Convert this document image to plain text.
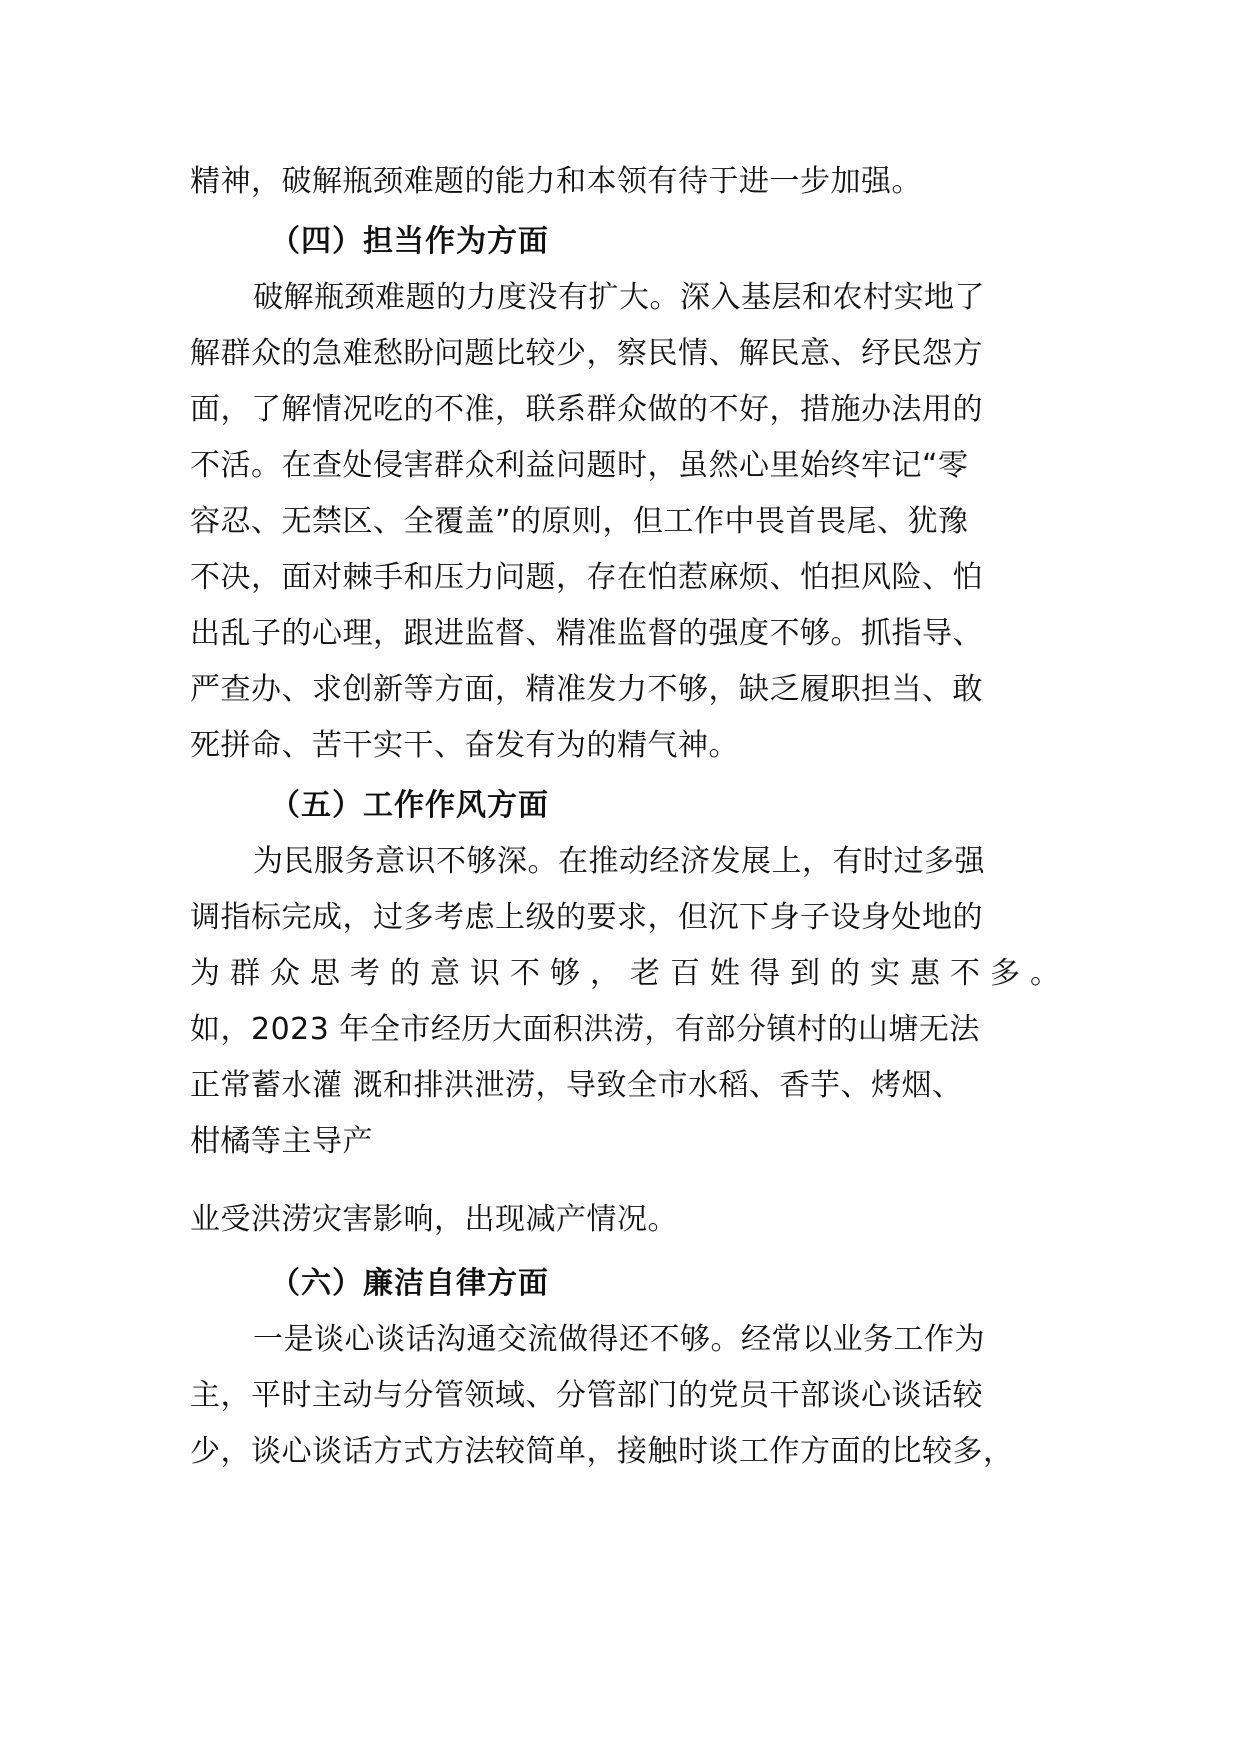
精神，破解瓶颈难题的能力和本领有待于进一步加强。
（四）担当作为方面
破解瓶颈难题的力度没有扩大。深入基层和农村实地了
解群众的急难愁盼问题比较少，察民情、解民意、纾民怨方
面，了解情况吃的不准，联系群众做的不好，措施办法用的
不活。在查处侵害群众利益问题时，虽然心里始终牢记“零
容忍、无禁区、全覆盖”的原则，但工作中畏首畏尾、犹豫
不决，面对棘手和压力问题，存在怕惹麻烦、怕担风险、怕
出乱子的心理，跟进监督、精准监督的强度不够。抓指导、
严查办、求创新等方面，精准发力不够，缺乏履职担当、敢
死拼命、苦干实干、奋发有为的精气神。
（五）工作作风方面
为民服务意识不够深。在推动经济发展上，有时过多强
调指标完成，过多考虑上级的要求，但沉下身子设身处地的
为群众思考的意识不够，老百姓得到的实惠不多。
如，2023 年全市经历大面积洪涝，有部分镇村的山塘无法
正常蓄水灌 溉和排洪泄涝，导致全市水稻、香芋、烤烟、
柑橘等主导产
业受洪涝灾害影响，出现减产情况。
（六）廉洁自律方面
一是谈心谈话沟通交流做得还不够。经常以业务工作为
主，平时主动与分管领域、分管部门的党员干部谈心谈话较
少，谈心谈话方式方法较简单，接触时谈工作方面的比较多，
